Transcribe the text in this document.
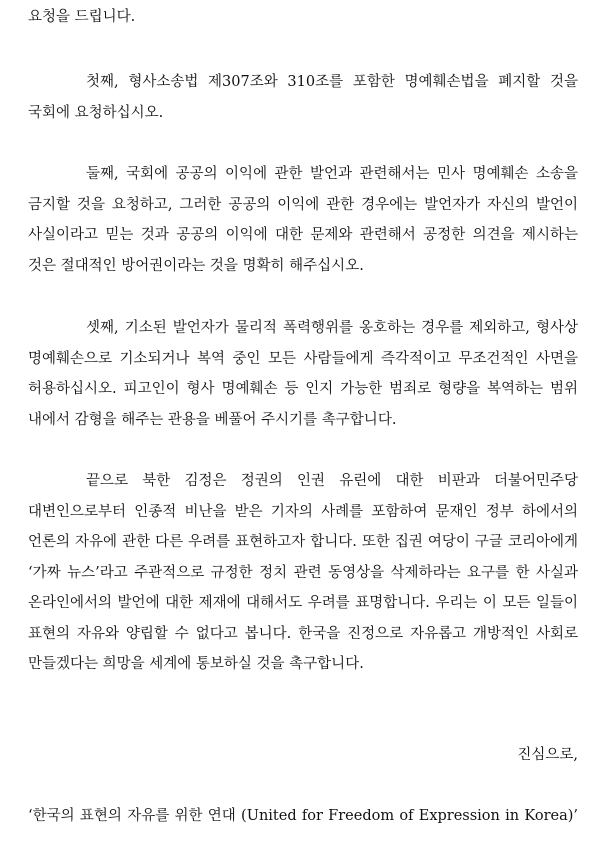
요청을 드립니다.

첫째, 형사소송법 제307조와 310조를 포함한 명예훼손법을 폐지할 것을 국회에 요청하십시오.

둘째, 국회에 공공의 이익에 관한 발언과 관련해서는 민사 명예훼손 소송을 금지할 것을 요청하고, 그러한 공공의 이익에 관한 경우에는 발언자가 자신의 발언이 사실이라고 믿는 것과 공공의 이익에 대한 문제와 관련해서 공정한 의견을 제시하는 것은 절대적인 방어권이라는 것을 명확히 해주십시오.

셋째, 기소된 발언자가 물리적 폭력행위를 옹호하는 경우를 제외하고, 형사상 명예훼손으로 기소되거나 복역 중인 모든 사람들에게 즉각적이고 무조건적인 사면을 허용하십시오. 피고인이 형사 명예훼손 등 인지 가능한 범죄로 형량을 복역하는 범위 내에서 감형을 해주는 관용을 베풀어 주시기를 촉구합니다.

끝으로 북한 김정은 정권의 인권 유린에 대한 비판과 더불어민주당 대변인으로부터 인종적 비난을 받은 기자의 사례를 포함하여 문재인 정부 하에서의 언론의 자유에 관한 다른 우려를 표현하고자 합니다. 또한 집권 여당이 구글 코리아에게 ‘가짜 뉴스’라고 주관적으로 규정한 정치 관련 동영상을 삭제하라는 요구를 한 사실과 온라인에서의 발언에 대한 제재에 대해서도 우려를 표명합니다. 우리는 이 모든 일들이 표현의 자유와 양립할 수 없다고 봅니다. 한국을 진정으로 자유롭고 개방적인 사회로 만들겠다는 희망을 세계에 통보하실 것을 촉구합니다.

진심으로,

‘한국의 표현의 자유를 위한 연대 (United for Freedom of Expression in Korea)’
